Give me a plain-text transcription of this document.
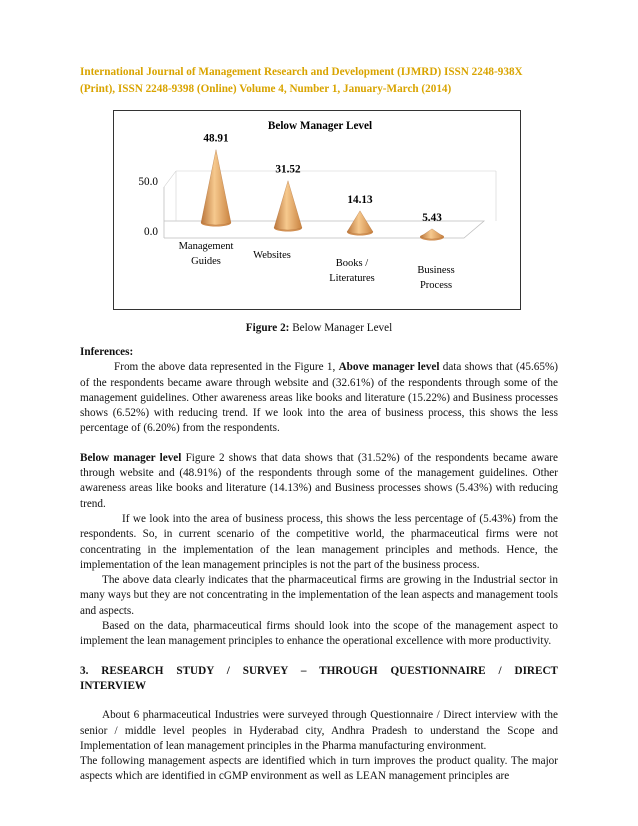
International Journal of Management Research and Development (IJMRD) ISSN 2248-938X
(Print), ISSN 2248-9398 (Online) Volume 4, Number 1, January-March (2014)
Below Manager Level
0.0
50.0
48.91
31.52
14.13
5.43
Management
Guides
Websites
Books /
Literatures
Business
Process
Figure 2: Below Manager Level

Inferences:

From the above data represented in the Figure 1, Above manager level data shows that (45.65%) of the respondents became aware through website and (32.61%) of the respondents through some of the management guidelines. Other awareness areas like books and literature (15.22%) and Business processes shows (6.52%) with reducing trend. If we look into the area of business process, this shows the less percentage of (6.20%) from the respondents.

Below manager level Figure 2 shows that data shows that (31.52%) of the respondents became aware through website and (48.91%) of the respondents through some of the management guidelines. Other awareness areas like books and literature (14.13%) and Business processes shows (5.43%) with reducing trend.

If we look into the area of business process, this shows the less percentage of (5.43%) from the respondents. So, in current scenario of the competitive world, the pharmaceutical firms were not concentrating in the implementation of the lean management principles and methods. Hence, the implementation of the lean management principles is not the part of the business process.

The above data clearly indicates that the pharmaceutical firms are growing in the Industrial sector in many ways but they are not concentrating in the implementation of the lean aspects and management tools and aspects.

Based on the data, pharmaceutical firms should look into the scope of the management aspect to implement the lean management principles to enhance the operational excellence with more productivity.

3. RESEARCH STUDY / SURVEY – THROUGH QUESTIONNAIRE / DIRECT

INTERVIEW

About 6 pharmaceutical Industries were surveyed through Questionnaire / Direct interview with the senior / middle level peoples in Hyderabad city, Andhra Pradesh to understand the Scope and Implementation of lean management principles in the Pharma manufacturing environment.

The following management aspects are identified which in turn improves the product quality. The major aspects which are identified in cGMP environment as well as LEAN management principles are
